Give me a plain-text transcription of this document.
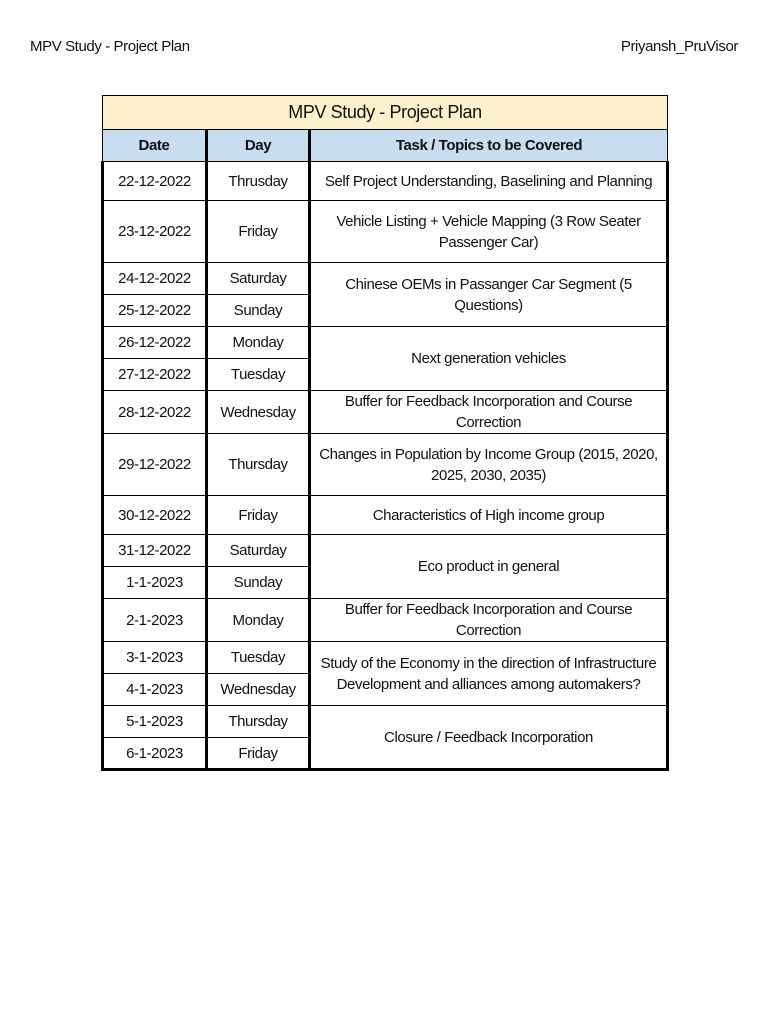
MPV Study - Project Plan	Priyansh_PruVisor
MPV Study - Project Plan		
Date	Day	Task / Topics to be Covered
22-12-2022	Thrusday	Self Project Understanding, Baselining and Planning
23-12-2022	Friday	Vehicle Listing + Vehicle Mapping (3 Row Seater Passenger Car)
24-12-2022	Saturday	Chinese OEMs in Passanger Car Segment (5 Questions)
25-12-2022	Sunday	
26-12-2022	Monday	Next generation vehicles
27-12-2022	Tuesday	
28-12-2022	Wednesday	Buffer for Feedback Incorporation and Course Correction
29-12-2022	Thursday	Changes in Population by Income Group (2015, 2020, 2025, 2030, 2035)
30-12-2022	Friday	Characteristics of High income group
31-12-2022	Saturday	Eco product in general
1-1-2023	Sunday	
2-1-2023	Monday	Buffer for Feedback Incorporation and Course Correction
3-1-2023	Tuesday	Study of the Economy in the direction of Infrastructure Development and alliances among automakers?
4-1-2023	Wednesday	
5-1-2023	Thursday	Closure / Feedback Incorporation
6-1-2023	Friday	
